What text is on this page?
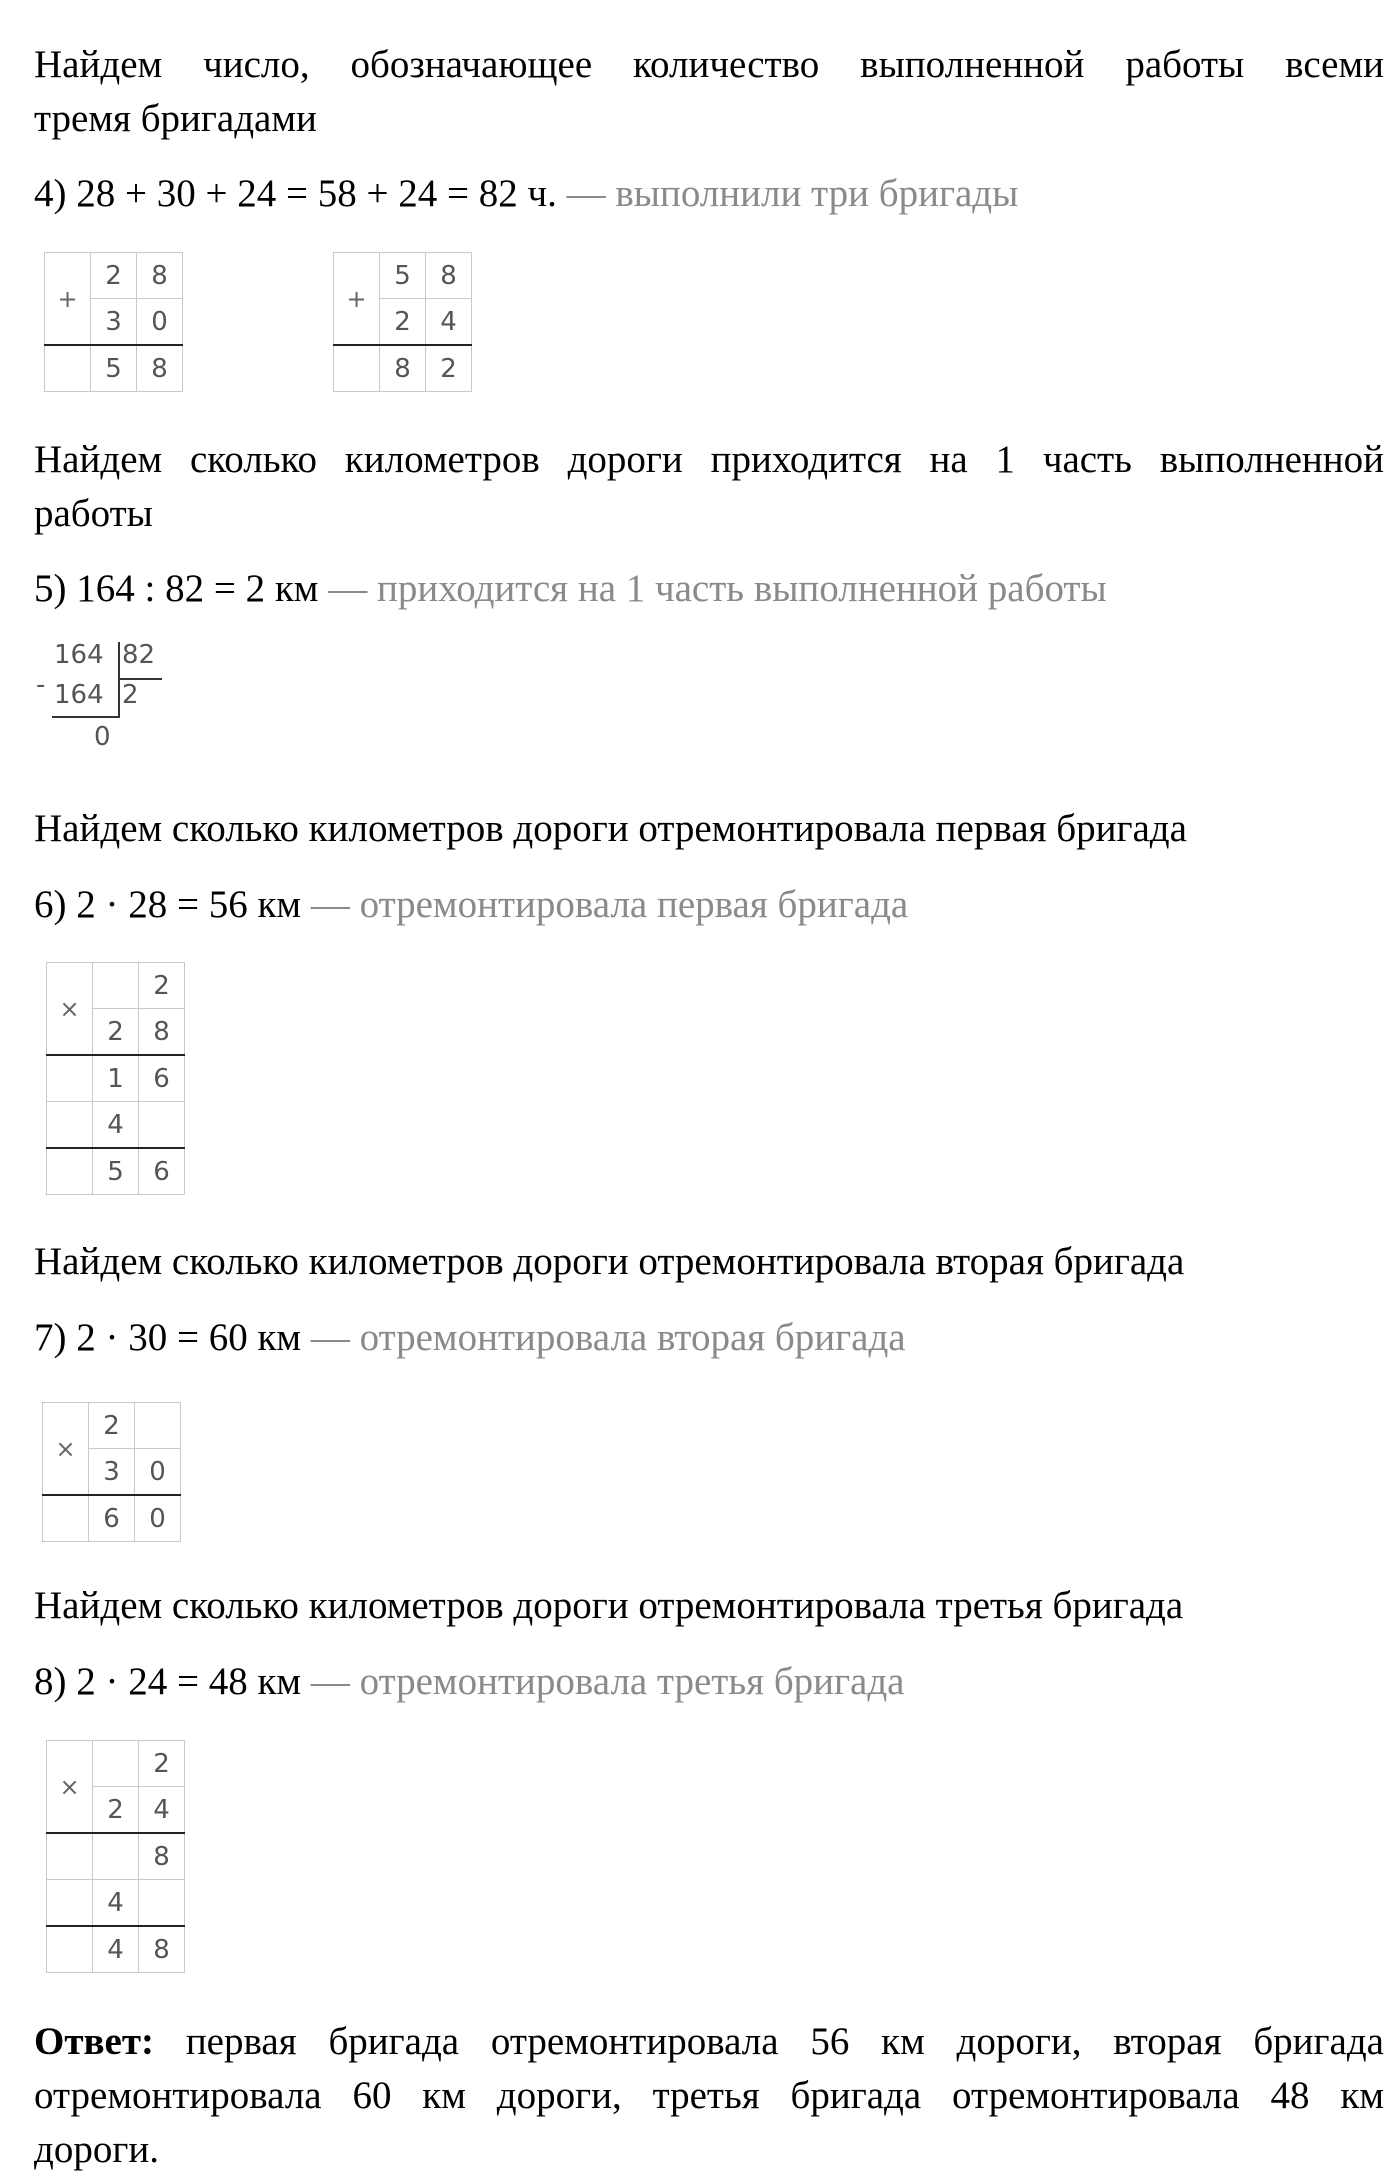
Найдем число, обозначающее количество выполненной работы всеми

тремя бригадами

4) 28 + 30 + 24 = 58 + 24 = 82 ч. — выполнили три бригады

+	2	8
	3	0
	5	8
+	5	8
	2	4
	8	2

Найдем сколько километров дороги приходится на 1 часть выполненной

работы

5) 164 : 82 = 2 км — приходится на 1 часть выполненной работы

-
164 82
164 2
0

Найдем сколько километров дороги отремонтировала первая бригада

6) 2 · 28 = 56 км — отремонтировала первая бригада

×		2
	2	8
	1	6
	4	
	5	6

Найдем сколько километров дороги отремонтировала вторая бригада

7) 2 · 30 = 60 км — отремонтировала вторая бригада

×	2	
	3	0
	6	0

Найдем сколько километров дороги отремонтировала третья бригада

8) 2 · 24 = 48 км — отремонтировала третья бригада

×		2
	2	4
		8
	4	
	4	8

Ответ: первая бригада отремонтировала 56 км дороги, вторая бригада

отремонтировала 60 км дороги, третья бригада отремонтировала 48 км

дороги.
